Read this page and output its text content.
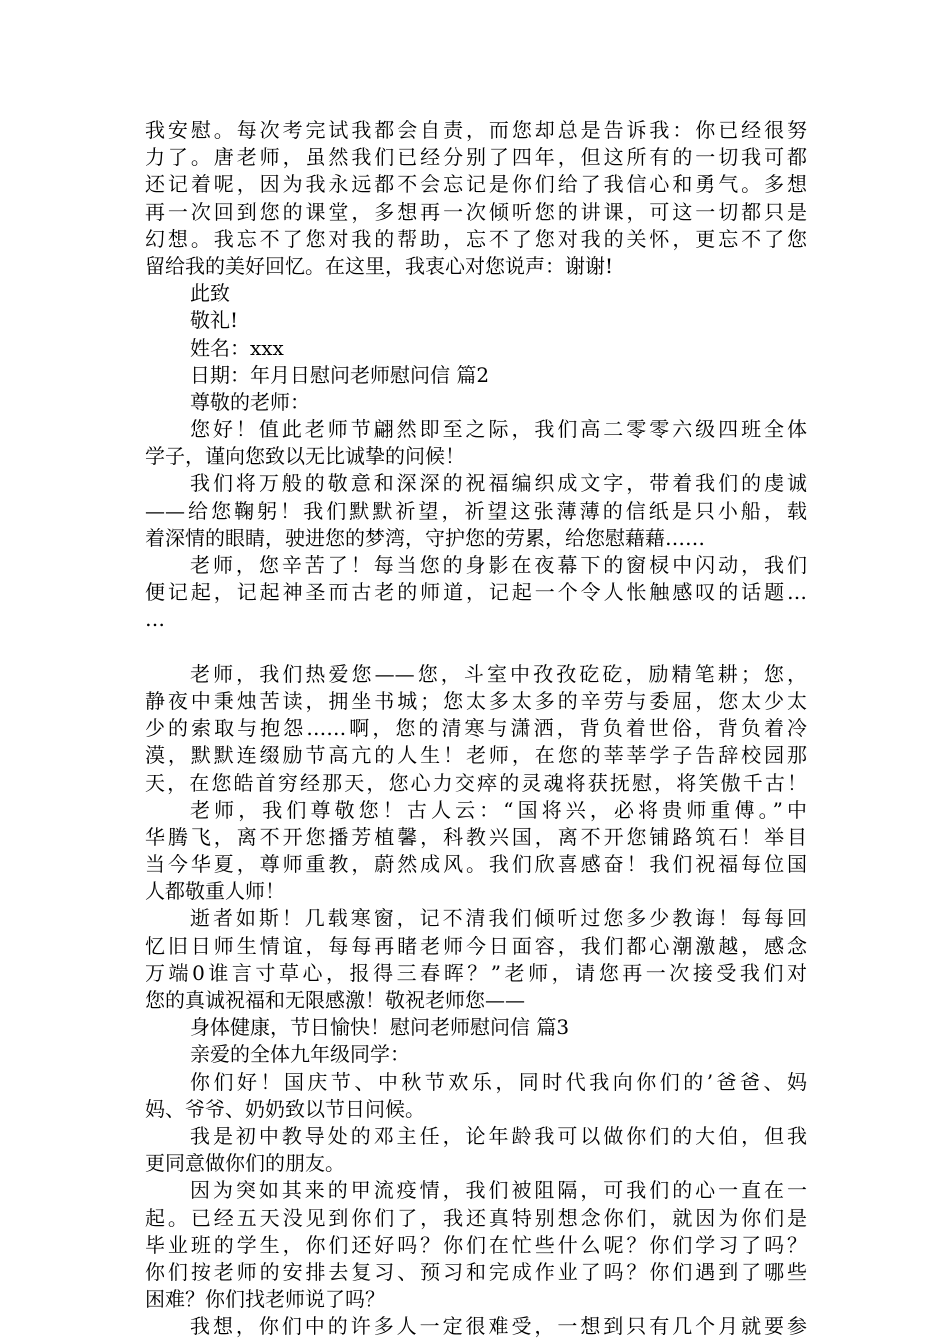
我安慰。每次考完试我都会自责，而您却总是告诉我：你已经很努
力了。唐老师，虽然我们已经分别了四年，但这所有的一切我可都
还记着呢，因为我永远都不会忘记是你们给了我信心和勇气。多想
再一次回到您的课堂，多想再一次倾听您的讲课，可这一切都只是
幻想。我忘不了您对我的帮助，忘不了您对我的关怀，更忘不了您
留给我的美好回忆。在这里，我衷心对您说声：谢谢!
此致
敬礼!
姓名：xxx
日期：年月日慰问老师慰问信 篇2
尊敬的老师：
您好！值此老师节翩然即至之际，我们高二零零六级四班全体
学子，谨向您致以无比诚挚的问候！
我们将万般的敬意和深深的祝福编织成文字，带着我们的虔诚
——给您鞠躬！我们默默祈望，祈望这张薄薄的信纸是只小船，载
着深情的眼睛，驶进您的梦湾，守护您的劳累，给您慰藉藉……
老师，您辛苦了！每当您的身影在夜幕下的窗棂中闪动，我们
便记起，记起神圣而古老的师道，记起一个令人怅触感叹的话题…
…
老师，我们热爱您——您，斗室中孜孜矻矻，励精笔耕；您，
静夜中秉烛苦读，拥坐书城；您太多太多的辛劳与委屈，您太少太
少的索取与抱怨……啊，您的清寒与潇洒，背负着世俗，背负着冷
漠，默默连缀励节高亢的人生！老师，在您的莘莘学子告辞校园那
天，在您皓首穷经那天，您心力交瘁的灵魂将获抚慰，将笑傲千古！
老师，我们尊敬您！古人云：“国将兴，必将贵师重傅。”中
华腾飞，离不开您播芳植馨，科教兴国，离不开您铺路筑石！举目
当今华夏，尊师重教，蔚然成风。我们欣喜感奋！我们祝福每位国
人都敬重人师！
逝者如斯！几载寒窗，记不清我们倾听过您多少教诲！每每回
忆旧日师生情谊，每每再睹老师今日面容，我们都心潮激越，感念
万端0谁言寸草心，报得三春晖？”老师，请您再一次接受我们对
您的真诚祝福和无限感激！敬祝老师您——
身体健康，节日愉快！慰问老师慰问信 篇3
亲爱的全体九年级同学：
你们好！国庆节、中秋节欢乐，同时代我向你们的’爸爸、妈
妈、爷爷、奶奶致以节日问候。
我是初中教导处的邓主任，论年龄我可以做你们的大伯，但我
更同意做你们的朋友。
因为突如其来的甲流疫情，我们被阻隔，可我们的心一直在一
起。已经五天没见到你们了，我还真特别想念你们，就因为你们是
毕业班的学生，你们还好吗？你们在忙些什么呢？你们学习了吗？
你们按老师的安排去复习、预习和完成作业了吗？你们遇到了哪些
困难？你们找老师说了吗？
我想，你们中的许多人一定很难受，一想到只有几个月就要参
